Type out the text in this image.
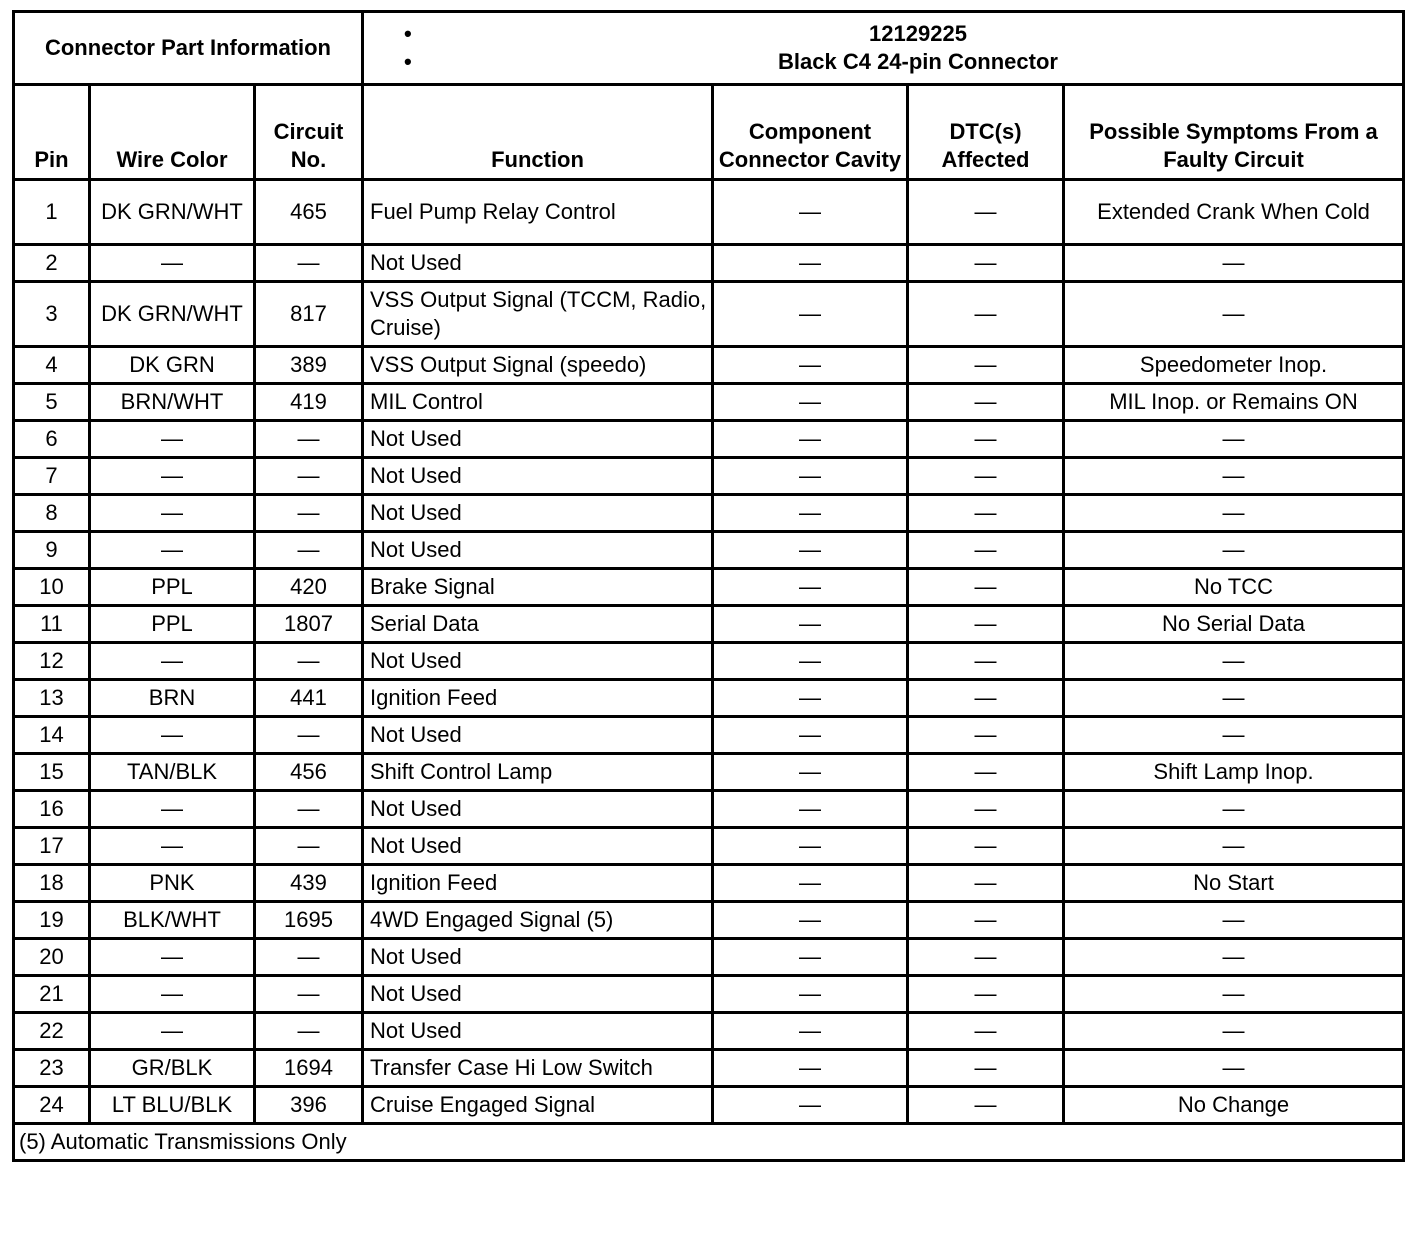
Connector Part Information	
• 12129225
• Black C4 24-pin Connector
Pin	Wire Color	Circuit No.	Function	Component Connector Cavity	DTC(s) Affected	Possible Symptoms From a Faulty Circuit
1	DK GRN/WHT	465	Fuel Pump Relay Control	—	—	Extended Crank When Cold
2	—	—	Not Used	—	—	—
3	DK GRN/WHT	817	VSS Output Signal (TCCM, Radio, Cruise)	—	—	—
4	DK GRN	389	VSS Output Signal (speedo)	—	—	Speedometer Inop.
5	BRN/WHT	419	MIL Control	—	—	MIL Inop. or Remains ON
6	—	—	Not Used	—	—	—
7	—	—	Not Used	—	—	—
8	—	—	Not Used	—	—	—
9	—	—	Not Used	—	—	—
10	PPL	420	Brake Signal	—	—	No TCC
11	PPL	1807	Serial Data	—	—	No Serial Data
12	—	—	Not Used	—	—	—
13	BRN	441	Ignition Feed	—	—	—
14	—	—	Not Used	—	—	—
15	TAN/BLK	456	Shift Control Lamp	—	—	Shift Lamp Inop.
16	—	—	Not Used	—	—	—
17	—	—	Not Used	—	—	—
18	PNK	439	Ignition Feed	—	—	No Start
19	BLK/WHT	1695	4WD Engaged Signal (5)	—	—	—
20	—	—	Not Used	—	—	—
21	—	—	Not Used	—	—	—
22	—	—	Not Used	—	—	—
23	GR/BLK	1694	Transfer Case Hi Low Switch	—	—	—
24	LT BLU/BLK	396	Cruise Engaged Signal	—	—	No Change
(5) Automatic Transmissions Only						
